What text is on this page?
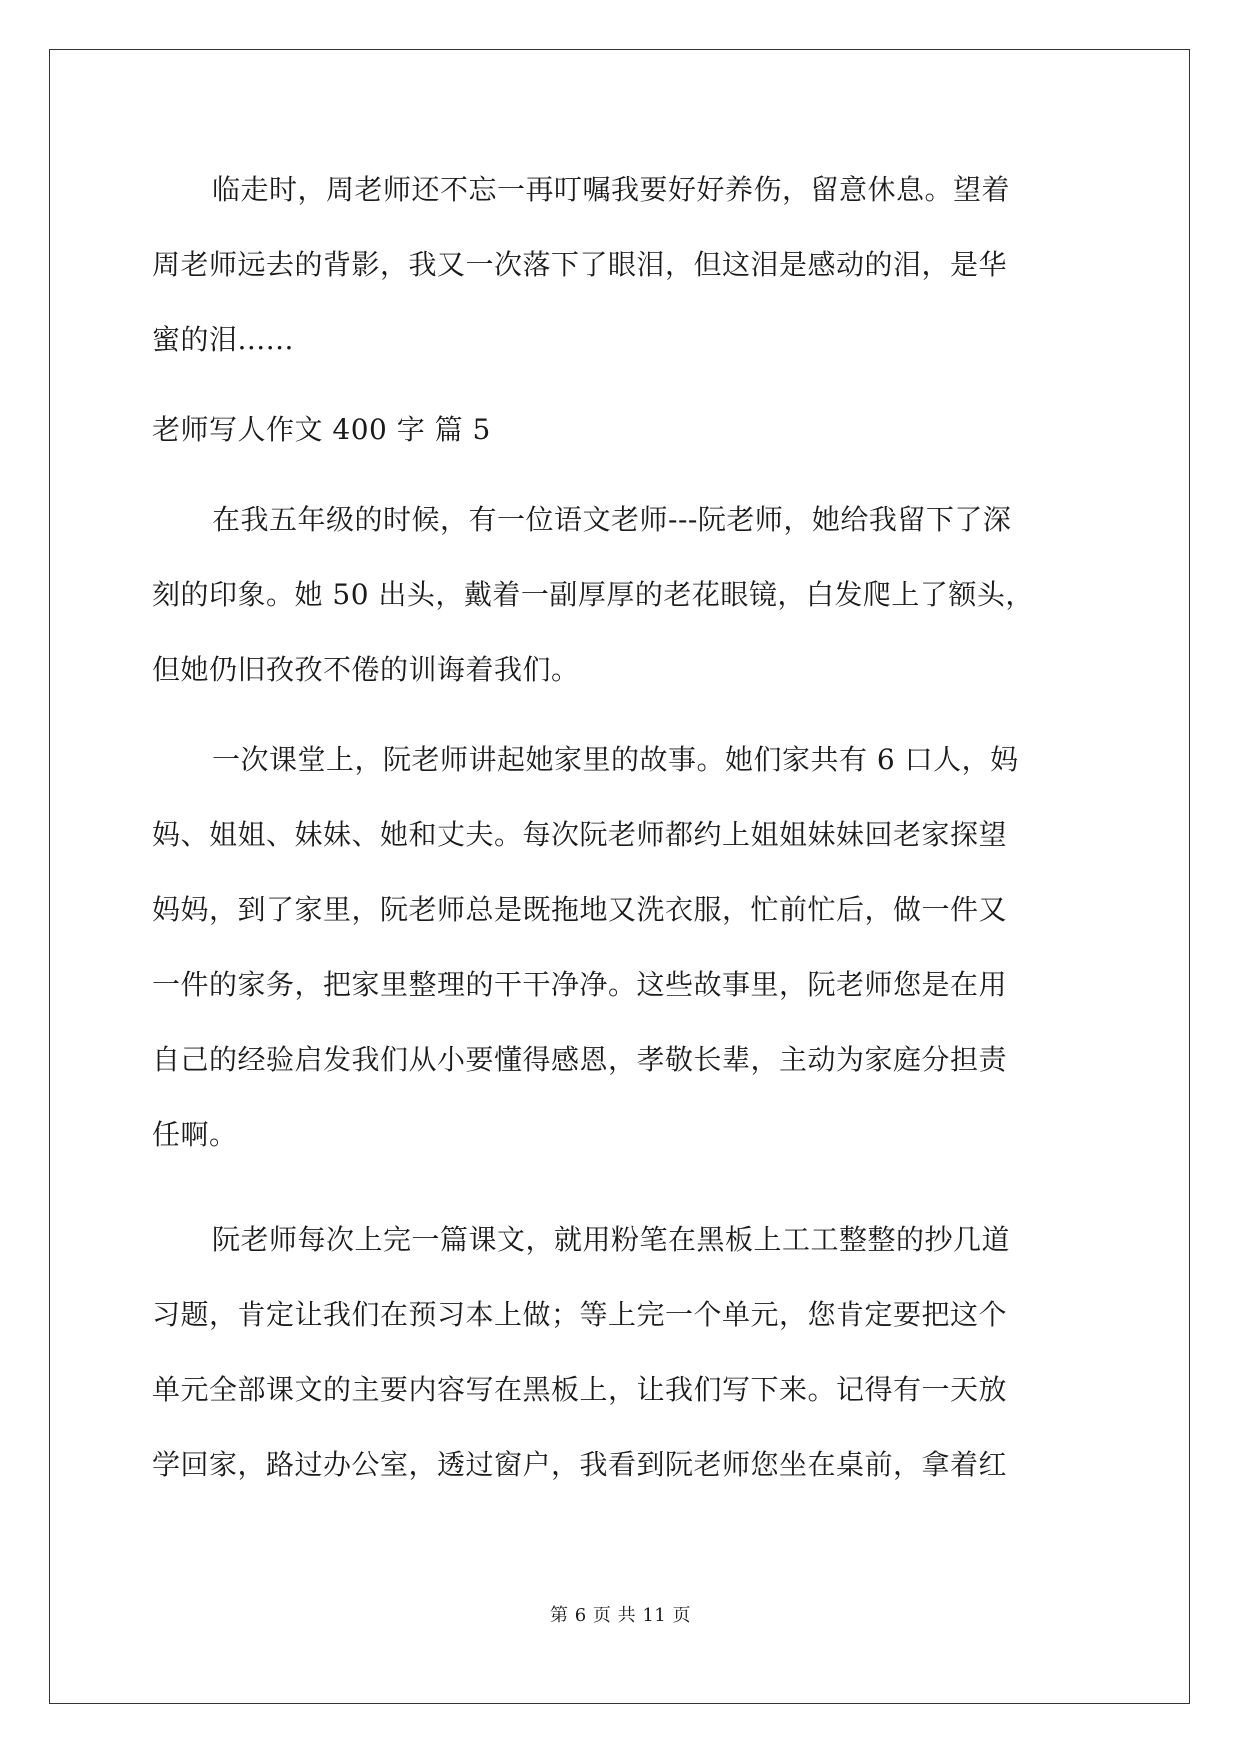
临走时，周老师还不忘一再叮嘱我要好好养伤，留意休息。望着
周老师远去的背影，我又一次落下了眼泪，但这泪是感动的泪，是华
蜜的泪......
老师写人作文 400 字 篇 5
在我五年级的时候，有一位语文老师---阮老师，她给我留下了深
刻的印象。她 50 出头，戴着一副厚厚的老花眼镜，白发爬上了额头，
但她仍旧孜孜不倦的训诲着我们。
一次课堂上，阮老师讲起她家里的故事。她们家共有 6 口人，妈
妈、姐姐、妹妹、她和丈夫。每次阮老师都约上姐姐妹妹回老家探望
妈妈，到了家里，阮老师总是既拖地又洗衣服，忙前忙后，做一件又
一件的家务，把家里整理的干干净净。这些故事里，阮老师您是在用
自己的经验启发我们从小要懂得感恩，孝敬长辈，主动为家庭分担责
任啊。
阮老师每次上完一篇课文，就用粉笔在黑板上工工整整的抄几道
习题，肯定让我们在预习本上做；等上完一个单元，您肯定要把这个
单元全部课文的主要内容写在黑板上，让我们写下来。记得有一天放
学回家，路过办公室，透过窗户，我看到阮老师您坐在桌前，拿着红
第 6 页 共 11 页
